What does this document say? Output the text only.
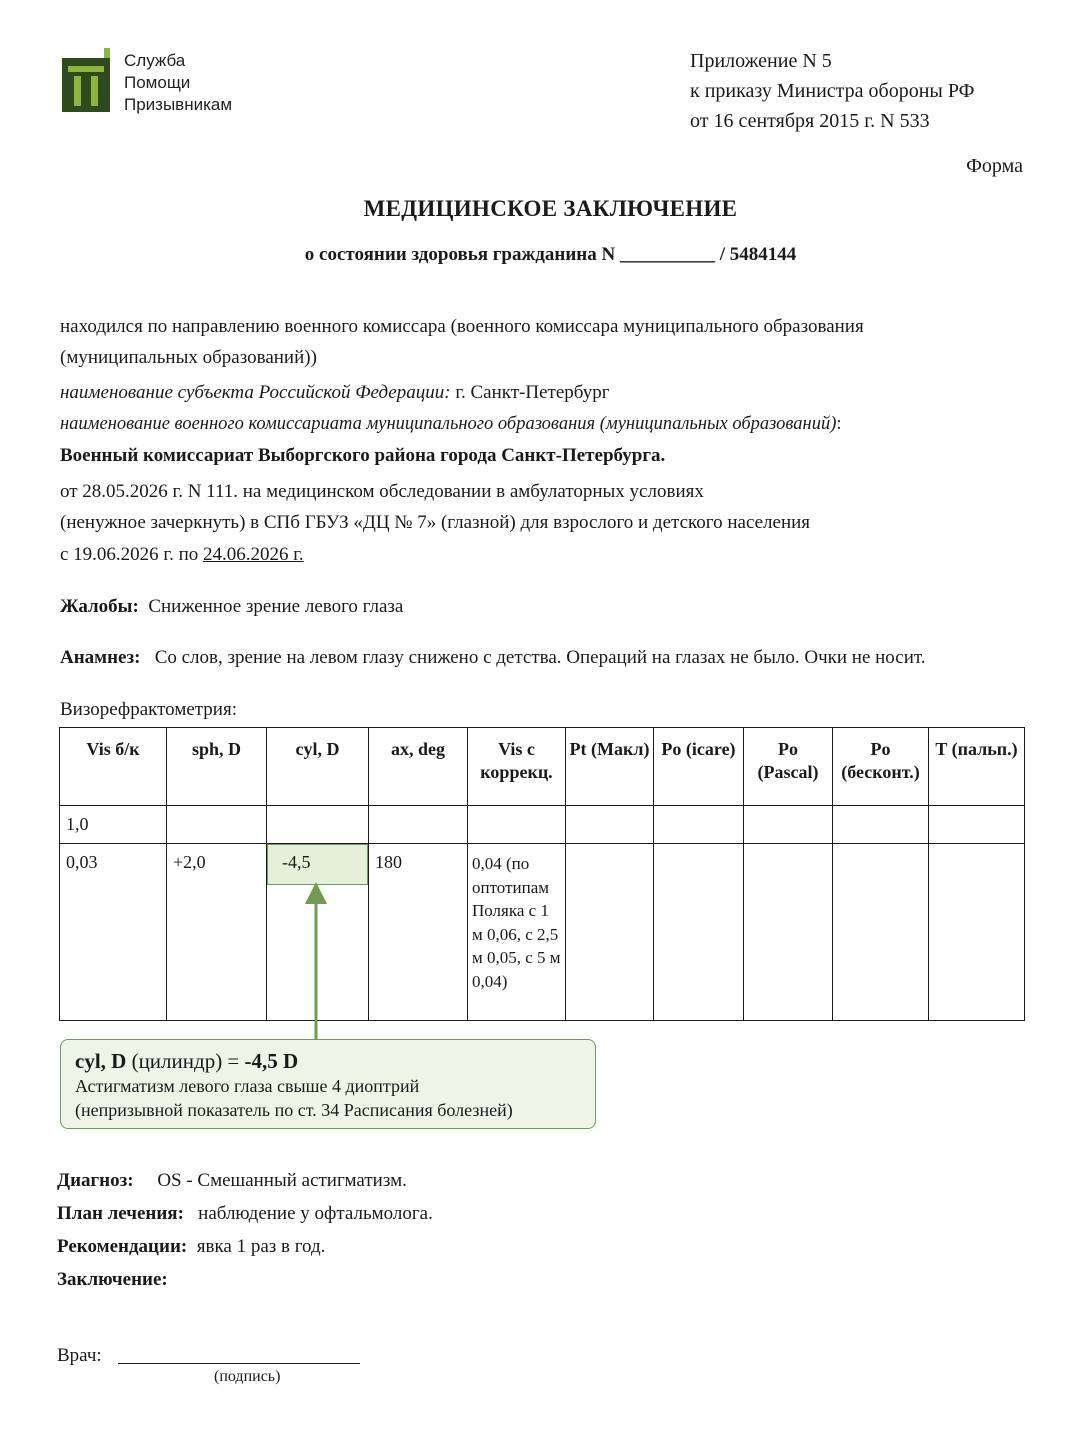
Служба
Помощи
Призывникам
Приложение N 5
к приказу Министра обороны РФ
от 16 сентября 2015 г. N 533
Форма
МЕДИЦИНСКОЕ ЗАКЛЮЧЕНИЕ
о состоянии здоровья гражданина N __________ / 5484144
находился по направлению военного комиссара (военного комиссара муниципального образования
(муниципальных образований))
наименование субъекта Российской Федерации: г. Санкт-Петербург
наименование военного комиссариата муниципального образования (муниципальных образований):
Военный комиссариат Выборгского района города Санкт-Петербурга.
от 28.05.2026 г. N 111. на медицинском обследовании в амбулаторных условиях
(ненужное зачеркнуть) в СПб ГБУЗ «ДЦ № 7» (глазной) для взрослого и детского населения
с 19.06.2026 г. по 24.06.2026 г.
Жалобы: Сниженное зрение левого глаза
Анамнез: Со слов, зрение на левом глазу снижено с детства. Операций на глазах не было. Очки не носит.
Визорефрактометрия:
Vis б/к	sph, D	cyl, D	ax, deg	Vis с коррекц.	Pt (Макл)	Po (icare)	Po (Pascal)	Po (бесконт.)	T (пальп.)
1,0									
0,03	+2,0	-4,5	180	0,04 (по оптотипам Поляка с 1 м 0,06, с 2,5 м 0,05, с 5 м 0,04)					
cyl, D (цилиндр) = -4,5 D
Астигматизм левого глаза свыше 4 диоптрий
(непризывной показатель по ст. 34 Расписания болезней)
Диагноз: OS - Смешанный астигматизм.
План лечения: наблюдение у офтальмолога.
Рекомендации: явка 1 раз в год.
Заключение:
Врач:
(подпись)
